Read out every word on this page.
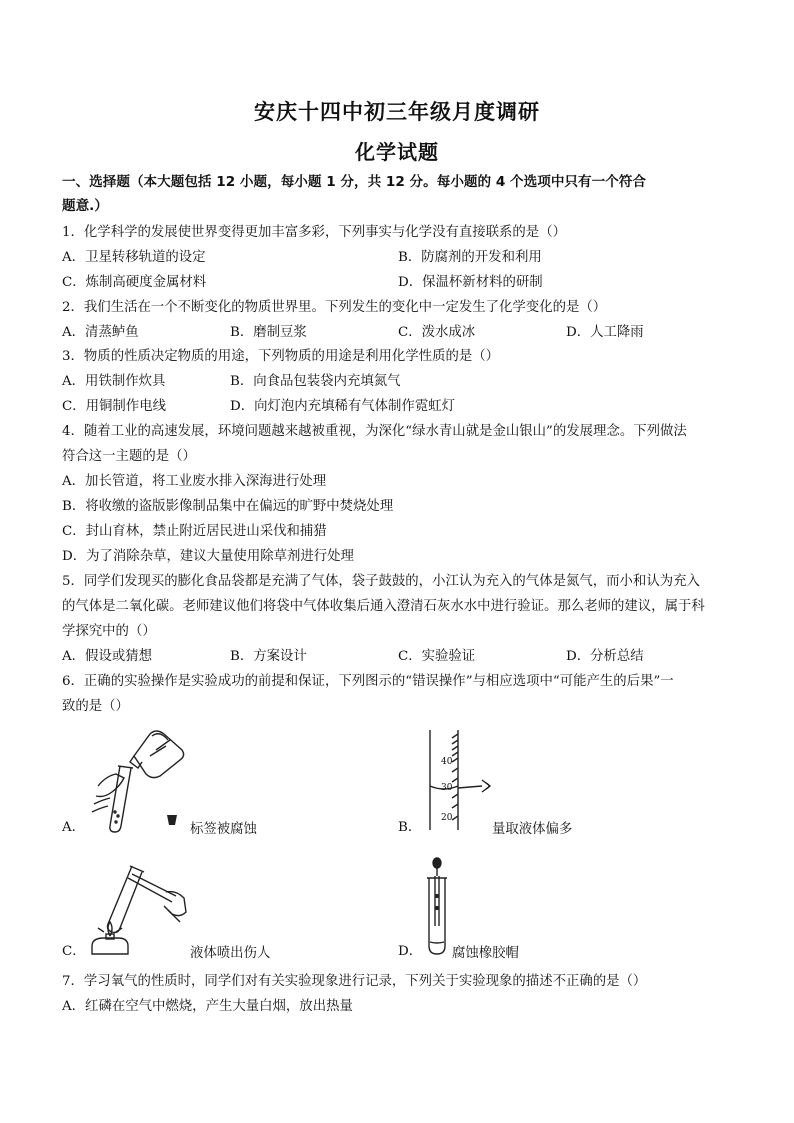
安庆十四中初三年级月度调研
化学试题
一、选择题（本大题包括 12 小题，每小题 1 分，共 12 分。每小题的 4 个选项中只有一个符合
题意.）
1．化学科学的发展使世界变得更加丰富多彩，下列事实与化学没有直接联系的是（）
A．卫星转移轨道的设定	B．防腐剂的开发和利用
C．炼制高硬度金属材料	D．保温杯新材料的研制
2．我们生活在一个不断变化的物质世界里。下列发生的变化中一定发生了化学变化的是（）
A．清蒸鲈鱼	B．磨制豆浆	C．泼水成冰	D．人工降雨
3．物质的性质决定物质的用途，下列物质的用途是利用化学性质的是（）
A．用铁制作炊具	B．向食品包装袋内充填氮气
C．用铜制作电线	D．向灯泡内充填稀有气体制作霓虹灯
4．随着工业的高速发展，环境问题越来越被重视，为深化“绿水青山就是金山银山”的发展理念。下列做法
符合这一主题的是（）
A．加长管道，将工业废水排入深海进行处理
B．将收缴的盗版影像制品集中在偏远的旷野中焚烧处理
C．封山育林，禁止附近居民进山采伐和捕猎
D．为了消除杂草，建议大量使用除草剂进行处理
5．同学们发现买的膨化食品袋都是充满了气体，袋子鼓鼓的，小江认为充入的气体是氮气，而小和认为充入
的气体是二氧化碳。老师建议他们将袋中气体收集后通入澄清石灰水水中进行验证。那么老师的建议，属于科
学探究中的（）
A．假设或猜想	B．方案设计	C．实验验证	D．分析总结
6．正确的实验操作是实验成功的前提和保证，下列图示的“错误操作”与相应选项中“可能产生的后果”一
致的是（）
A．	标签被腐蚀	B．
40
30
20
量取液体偏多
C．	液体喷出伤人	D． 腐蚀橡胶帽
7．学习氧气的性质时，同学们对有关实验现象进行记录，下列关于实验现象的描述不正确的是（）
A．红磷在空气中燃烧，产生大量白烟，放出热量
